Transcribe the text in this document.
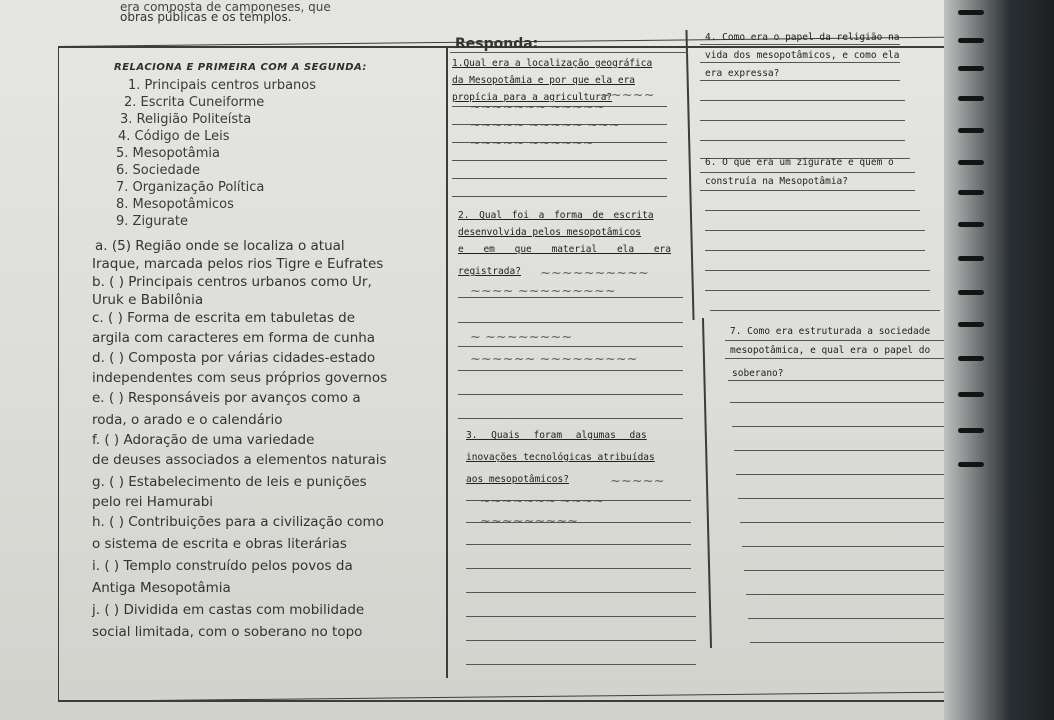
era composta de camponeses, que
obras públicas e os templos.
RELACIONA E PRIMEIRA COM A SEGUNDA:
1. Principais centros urbanos
2. Escrita Cuneiforme
3. Religião Politeísta
4. Código de Leis
5. Mesopotâmia
6. Sociedade
7. Organização Política
8. Mesopotâmicos
9. Zigurate
a. (5) Região onde se localiza o atual
Iraque, marcada pelos rios Tigre e Eufrates
b. ( ) Principais centros urbanos como Ur,
Uruk e Babilônia
c. ( ) Forma de escrita em tabuletas de
argila com caracteres em forma de cunha
d. ( ) Composta por várias cidades-estado
independentes com seus próprios governos
e. ( ) Responsáveis por avanços como a
roda, o arado e o calendário
f. ( ) Adoração de uma variedade
de deuses associados a elementos naturais
g. ( ) Estabelecimento de leis e punições
pelo rei Hamurabi
h. ( ) Contribuições para a civilização como
o sistema de escrita e obras literárias
i. ( ) Templo construído pelos povos da
Antiga Mesopotâmia
j. ( ) Dividida em castas com mobilidade
social limitada, com o soberano no topo
Responda:
1.Qual era a localização geográfica
da Mesopotâmia e por que ela era
propícia para a agricultura?
2. Qual foi a forma de escrita
desenvolvida pelos mesopotâmicos
e em que material ela era
registrada?
3. Quais foram algumas das
inovações tecnológicas atribuídas
aos mesopotâmicos?
~~~~~
~~~~~~~ ~~~~~
~~~~~ ~~~~~ ~~~
~~~~~ ~~~~~~
~~~~~~~~~~
~~~~ ~~~~~~~~~
~ ~~~~~~~~
~~~~~~ ~~~~~~~~~
~~~~~
~~~~~~~ ~~~~
~~~~~~~~~
4. Como era o papel da religião na
vida dos mesopotâmicos, e como ela
era expressa?
6. O que era um zigurate e quem o
construía na Mesopotâmia?
7. Como era estruturada a sociedade
mesopotâmica, e qual era o papel do
soberano?
